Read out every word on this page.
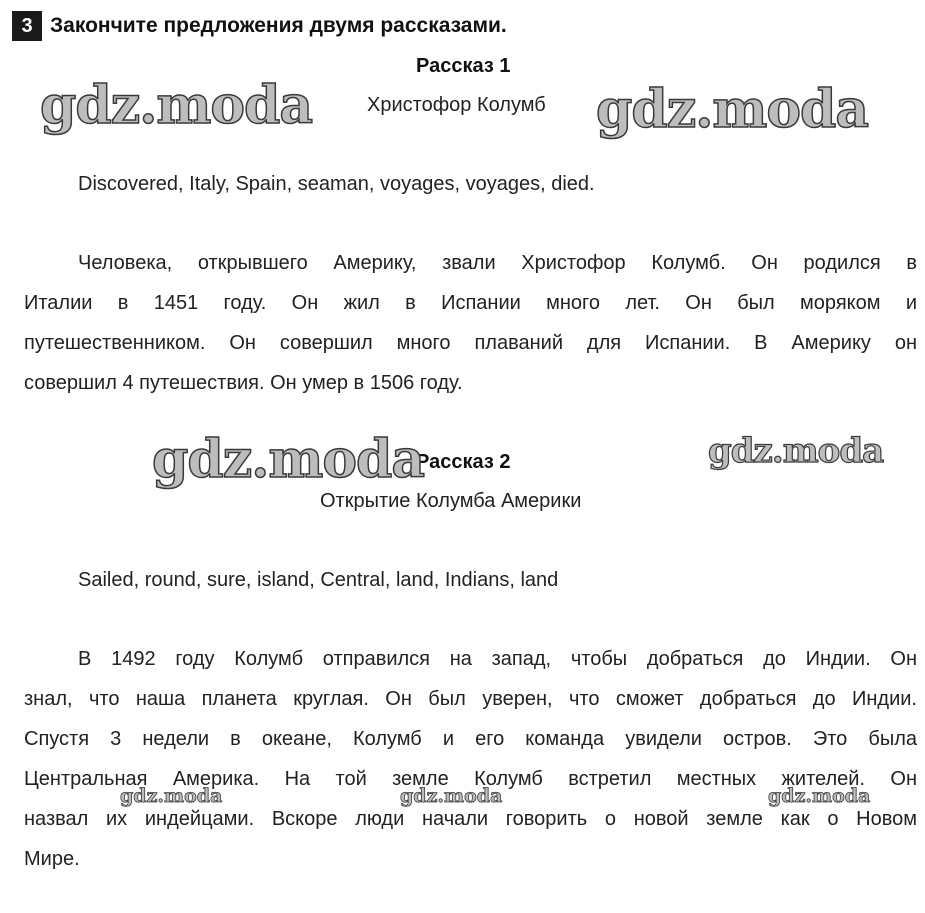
3 Закончите предложения двумя рассказами.
Рассказ 1
Христофор Колумб
Discovered, Italy, Spain, seaman, voyages, voyages, died.
Человека, открывшего Америку, звали Христофор Колумб. Он родился в
Италии в 1451 году. Он жил в Испании много лет. Он был моряком и
путешественником. Он совершил много плаваний для Испании. В Америку он
совершил 4 путешествия. Он умер в 1506 году.
Рассказ 2
Открытие Колумба Америки
Sailed, round, sure, island, Central, land, Indians, land
В 1492 году Колумб отправился на запад, чтобы добраться до Индии. Он
знал, что наша планета круглая. Он был уверен, что сможет добраться до Индии.
Спустя 3 недели в океане, Колумб и его команда увидели остров. Это была
Центральная Америка. На той земле Колумб встретил местных жителей. Он
назвал их индейцами. Вскоре люди начали говорить о новой земле как о Новом
Мире.
gdz.moda	gdz.moda
gdz.moda	gdz.moda
gdz.moda	gdz.moda	gdz.moda
